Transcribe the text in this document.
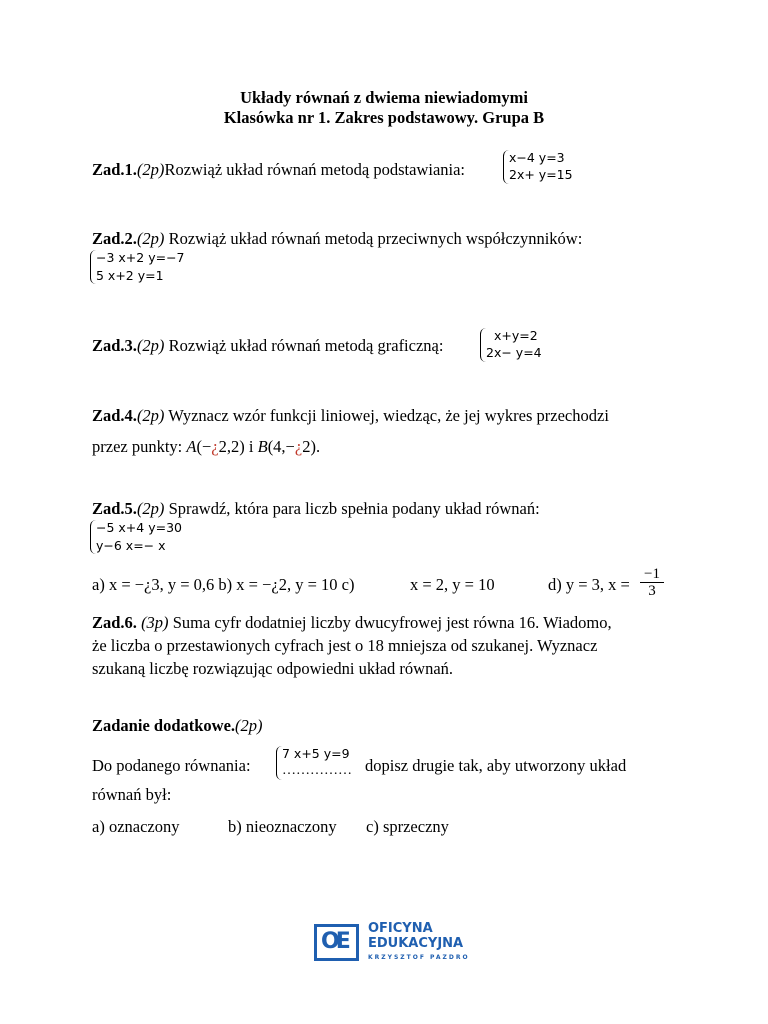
Układy równań z dwiema niewiadomymi
Klasówka nr 1. Zakres podstawowy. Grupa B
Zad.1.(2p)Rozwiąż układ równań metodą podstawiania:
x−4 y=3
2x+ y=15
Zad.2.(2p) Rozwiąż układ równań metodą przeciwnych współczynników:
−3 x+2 y=−7
5 x+2 y=1
Zad.3.(2p) Rozwiąż układ równań metodą graficzną:
x+y=2
2x− y=4
Zad.4.(2p) Wyznacz wzór funkcji liniowej, wiedząc, że jej wykres przechodzi
przez punkty: A(−¿2,2) i B(4,−¿2).
Zad.5.(2p) Sprawdź, która para liczb spełnia podany układ równań:
−5 x+4 y=30
y−6 x=− x
a) x = −¿3, y = 0,6 b) x = −¿2, y = 10 c)	x = 2, y = 10	d) y = 3, $x = \frac{-1}{3}$
Zad.6. (3p) Suma cyfr dodatniej liczby dwucyfrowej jest równa 16. Wiadomo,
że liczba o przestawionych cyfrach jest o 18 mniejsza od szukanej. Wyznacz
szukaną liczbę rozwiązując odpowiedni układ równań.
Zadanie dodatkowe.(2p)
Do podanego równania:
7 x+5 y=9
…………… dopisz drugie tak, aby utworzony układ
równań był:
a) oznaczony	b) nieoznaczony c) sprzeczny
OE
OFICYNA
EDUKACYJNA
KRZYSZTOF PAZDRO
